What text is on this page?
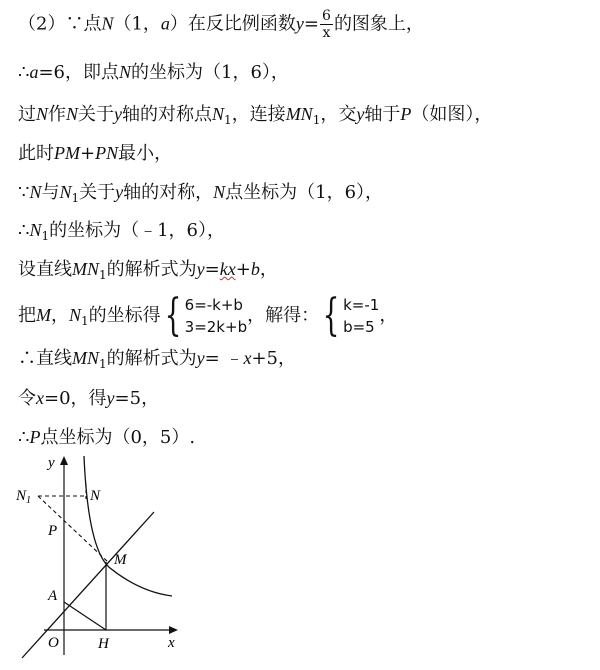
（2）∵点N（1，a）在反比例函数$y= \frac{6}{x}$ 的图象上，
∴a=6，即点N的坐标为（1，6），
过N作N关于y轴的对称点$N_1$，连接$MN_1$，交y轴于P（如图），
此时PM+PN最小，
∵N与$N_1$关于y轴的对称，N点坐标为（1，6），
$\therefore N_1$的坐标为（﹣1，6），
设直线$MN_1$的解析式为y=kx+b，
把M，$N_1$的坐标得{ 6=-k+b
3=2k+b
，解得：{ k=-1
b=5
，
∴直线$MN_1$的解析式为y= ﹣x+5，
令x=0，得y=5，
∴P点坐标为（0，5）.
y
x
$N_1$	N
P
M
A
O	H
